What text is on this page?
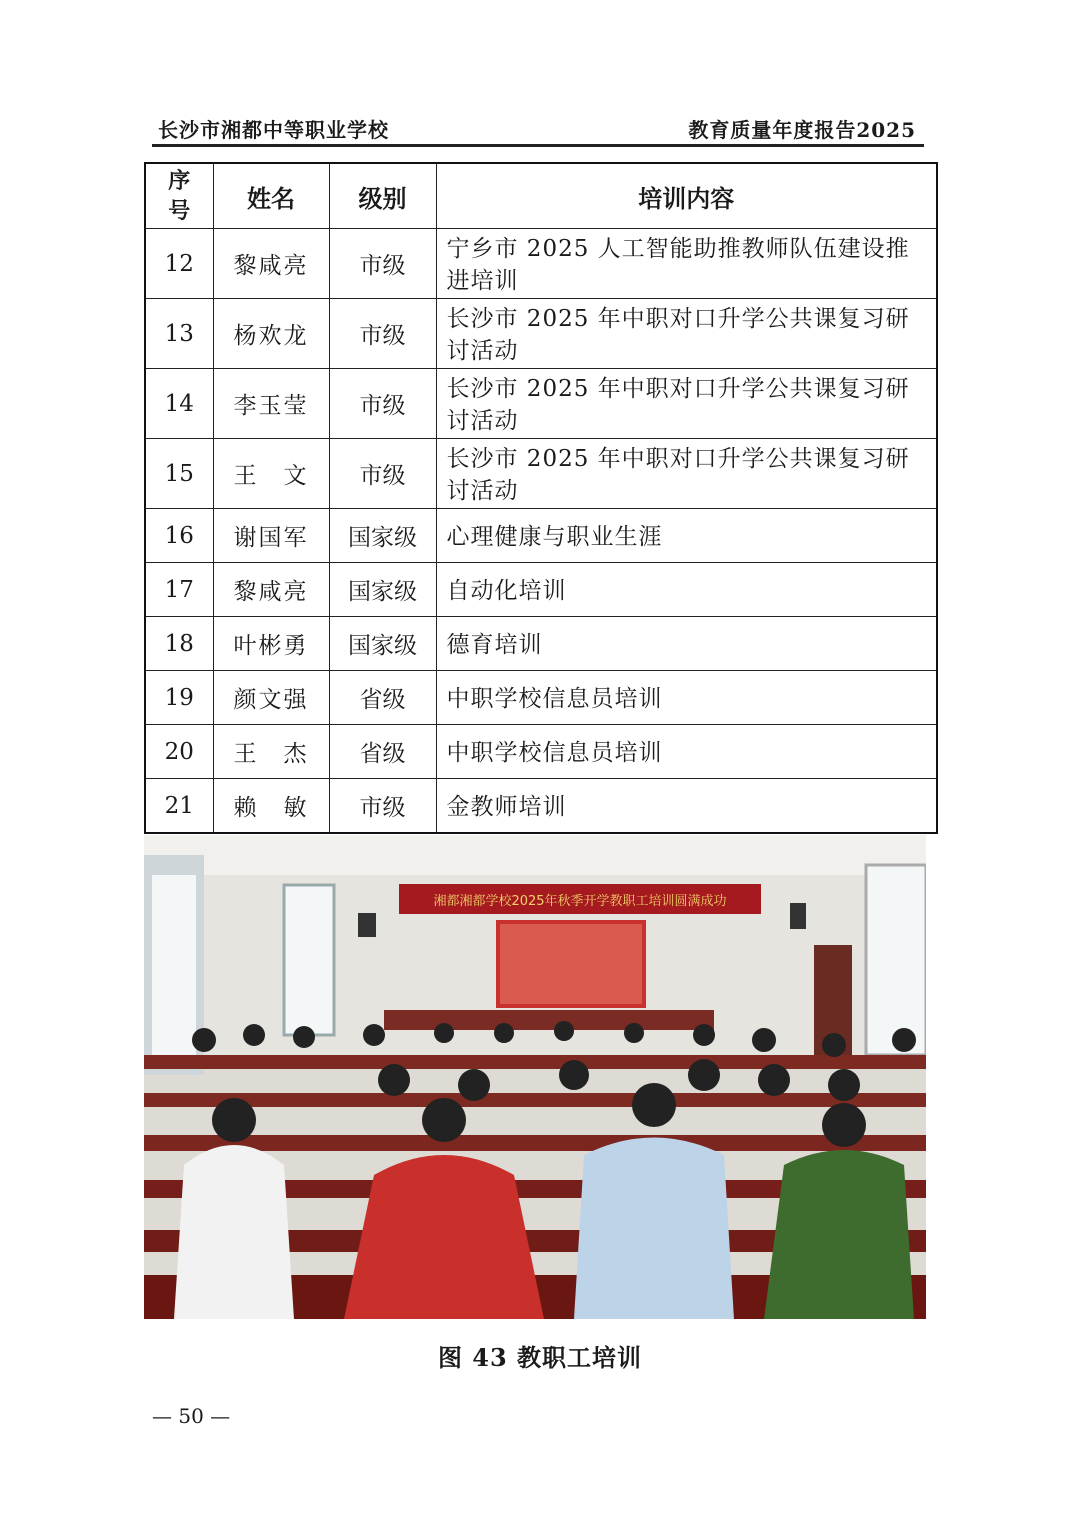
长沙市湘都中等职业学校	教育质量年度报告2025
序
号	姓名	级别	培训内容
12	黎咸亮	市级	宁乡市 2025 人工智能助推教师队伍建设推进培训
13	杨欢龙	市级	长沙市 2025 年中职对口升学公共课复习研讨活动
14	李玉莹	市级	长沙市 2025 年中职对口升学公共课复习研讨活动
15	王　文	市级	长沙市 2025 年中职对口升学公共课复习研讨活动
16	谢国军	国家级	心理健康与职业生涯
17	黎咸亮	国家级	自动化培训
18	叶彬勇	国家级	德育培训
19	颜文强	省级	中职学校信息员培训
20	王　杰	省级	中职学校信息员培训
21	赖　敏	市级	金教师培训
湘都湘都学校2025年秋季开学教职工培训圆满成功
图 43 教职工培训
— 50 —
